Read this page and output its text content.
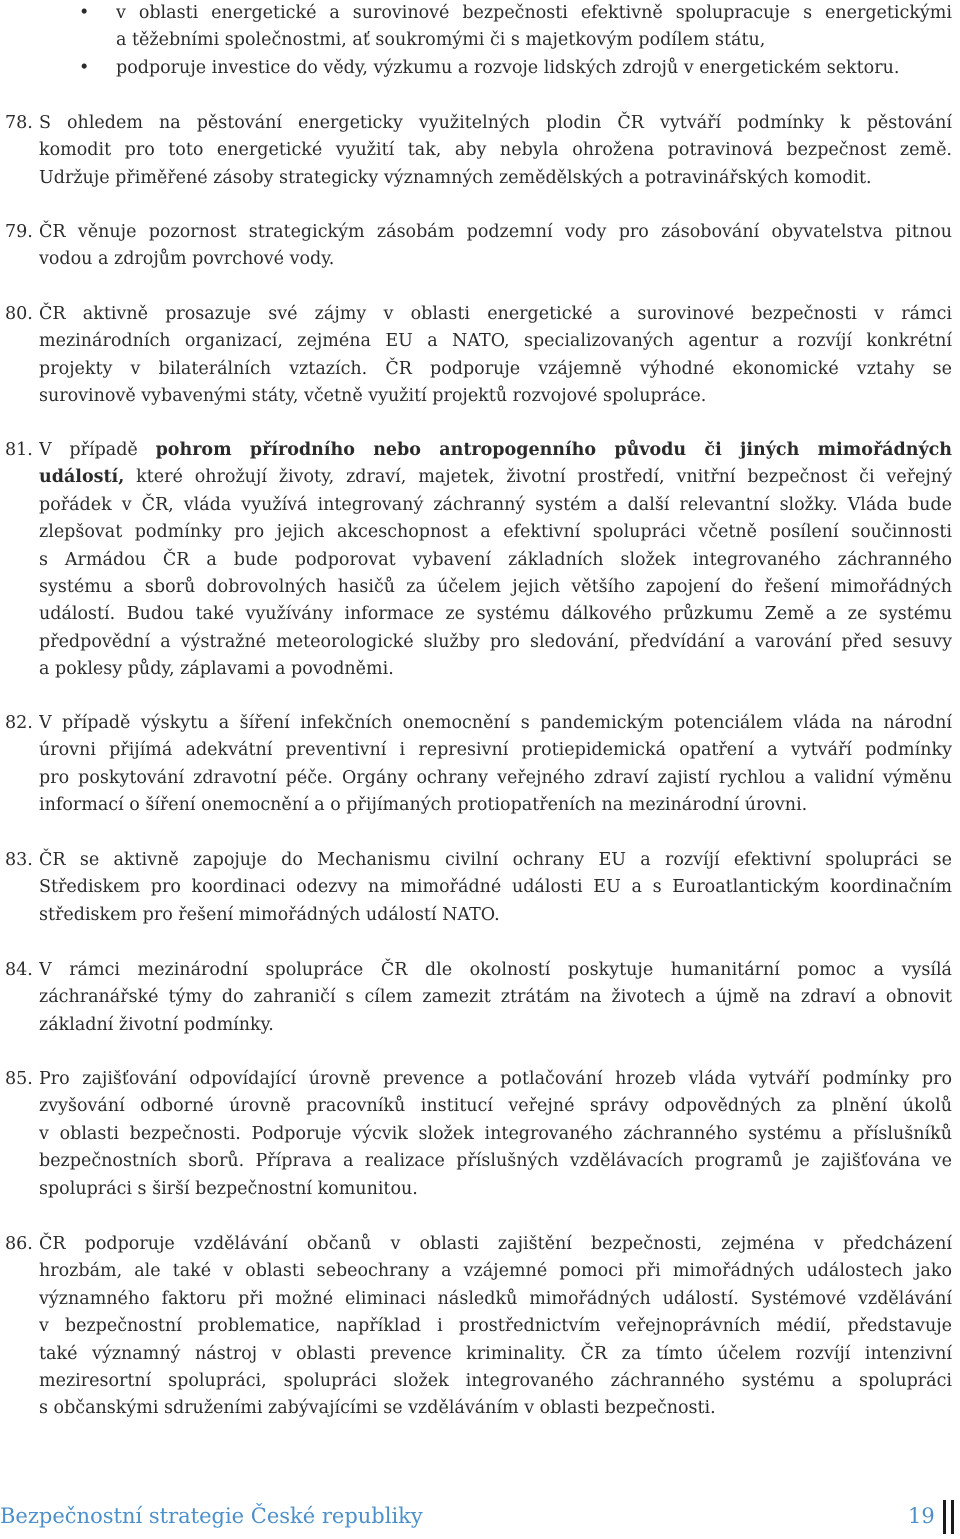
• v oblasti energetické a surovinové bezpečnosti efektivně spolupracuje s energetickými
a těžebními společnostmi, ať soukromými či s majetkovým podílem státu,
• podporuje investice do vědy, výzkumu a rozvoje lidských zdrojů v energetickém sektoru.
78. S ohledem na pěstování energeticky využitelných plodin ČR vytváří podmínky k pěstování
komodit pro toto energetické využití tak, aby nebyla ohrožena potravinová bezpečnost země.
Udržuje přiměřené zásoby strategicky významných zemědělských a potravinářských komodit.
79. ČR věnuje pozornost strategickým zásobám podzemní vody pro zásobování obyvatelstva pitnou
vodou a zdrojům povrchové vody.
80. ČR aktivně prosazuje své zájmy v oblasti energetické a surovinové bezpečnosti v rámci
mezinárodních organizací, zejména EU a NATO, specializovaných agentur a rozvíjí konkrétní
projekty v bilaterálních vztazích. ČR podporuje vzájemně výhodné ekonomické vztahy se
surovinově vybavenými státy, včetně využití projektů rozvojové spolupráce.
81. V případě pohrom přírodního nebo antropogenního původu či jiných mimořádných
událostí, které ohrožují životy, zdraví, majetek, životní prostředí, vnitřní bezpečnost či veřejný
pořádek v ČR, vláda využívá integrovaný záchranný systém a další relevantní složky. Vláda bude
zlepšovat podmínky pro jejich akceschopnost a efektivní spolupráci včetně posílení součinnosti
s Armádou ČR a bude podporovat vybavení základních složek integrovaného záchranného
systému a sborů dobrovolných hasičů za účelem jejich většího zapojení do řešení mimořádných
událostí. Budou také využívány informace ze systému dálkového průzkumu Země a ze systému
předpovědní a výstražné meteorologické služby pro sledování, předvídání a varování před sesuvy
a poklesy půdy, záplavami a povodněmi.
82. V případě výskytu a šíření infekčních onemocnění s pandemickým potenciálem vláda na národní
úrovni přijímá adekvátní preventivní i represivní protiepidemická opatření a vytváří podmínky
pro poskytování zdravotní péče. Orgány ochrany veřejného zdraví zajistí rychlou a validní výměnu
informací o šíření onemocnění a o přijímaných protiopatřeních na mezinárodní úrovni.
83. ČR se aktivně zapojuje do Mechanismu civilní ochrany EU a rozvíjí efektivní spolupráci se
Střediskem pro koordinaci odezvy na mimořádné události EU a s Euroatlantickým koordinačním
střediskem pro řešení mimořádných událostí NATO.
84. V rámci mezinárodní spolupráce ČR dle okolností poskytuje humanitární pomoc a vysílá
záchranářské týmy do zahraničí s cílem zamezit ztrátám na životech a újmě na zdraví a obnovit
základní životní podmínky.
85. Pro zajišťování odpovídající úrovně prevence a potlačování hrozeb vláda vytváří podmínky pro
zvyšování odborné úrovně pracovníků institucí veřejné správy odpovědných za plnění úkolů
v oblasti bezpečnosti. Podporuje výcvik složek integrovaného záchranného systému a příslušníků
bezpečnostních sborů. Příprava a realizace příslušných vzdělávacích programů je zajišťována ve
spolupráci s širší bezpečnostní komunitou.
86. ČR podporuje vzdělávání občanů v oblasti zajištění bezpečnosti, zejména v předcházení
hrozbám, ale také v oblasti sebeochrany a vzájemné pomoci při mimořádných událostech jako
významného faktoru při možné eliminaci následků mimořádných událostí. Systémové vzdělávání
v bezpečnostní problematice, například i prostřednictvím veřejnoprávních médií, představuje
také významný nástroj v oblasti prevence kriminality. ČR za tímto účelem rozvíjí intenzivní
meziresortní spolupráci, spolupráci složek integrovaného záchranného systému a spolupráci
s občanskými sdruženími zabývajícími se vzděláváním v oblasti bezpečnosti.
Bezpečnostní strategie České republiky	19
